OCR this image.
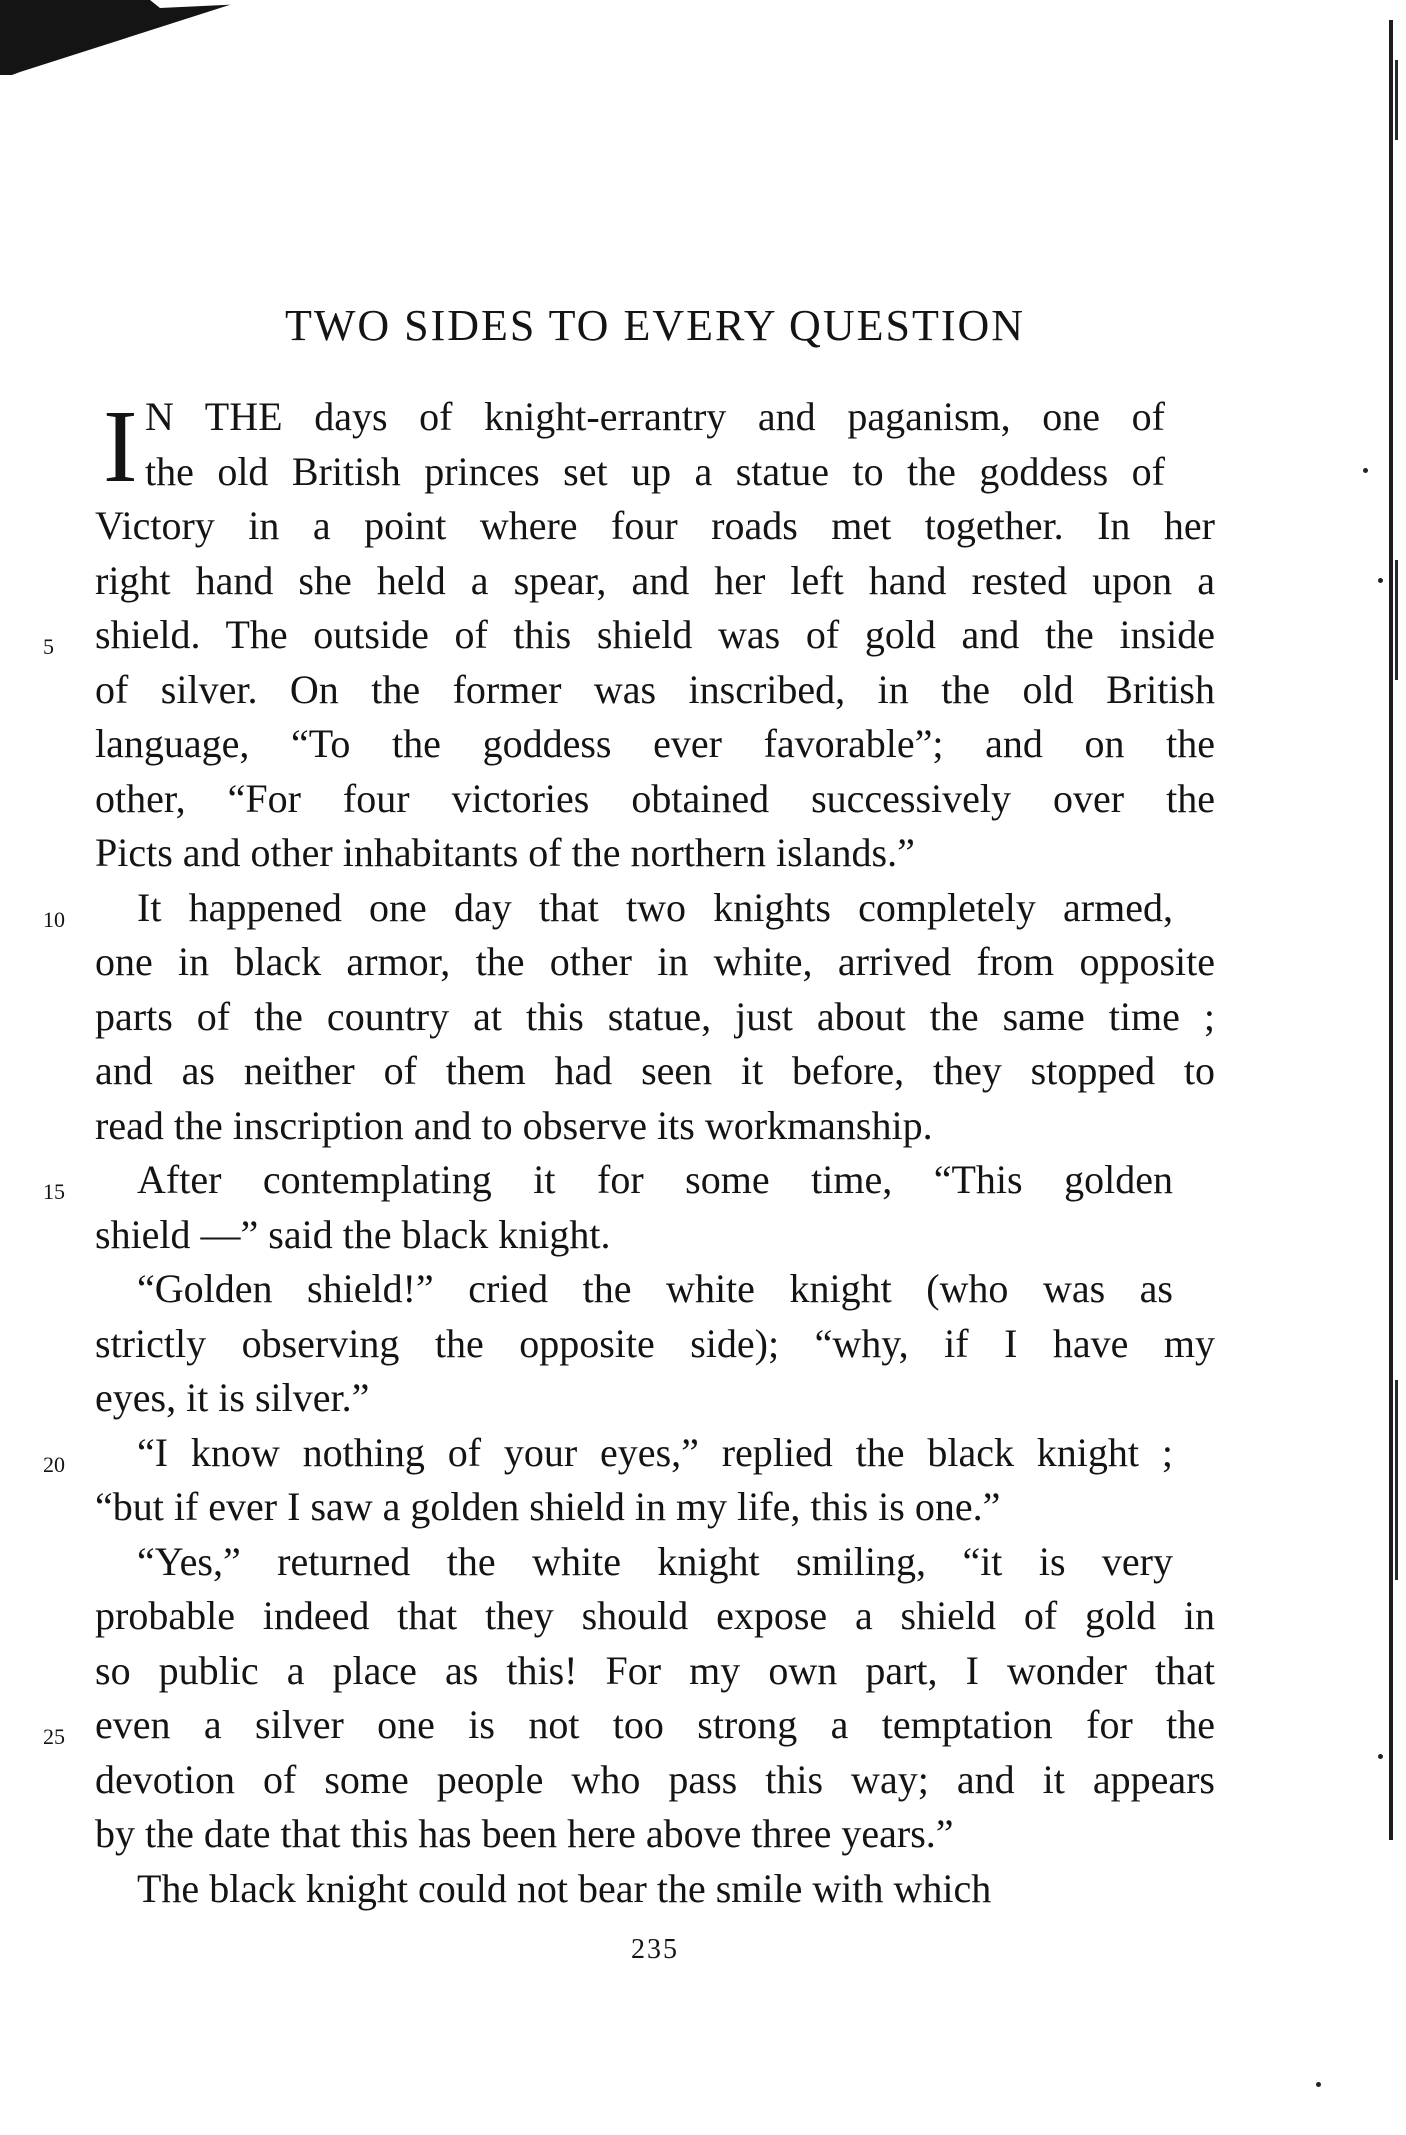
TWO SIDES TO EVERY QUESTION
I N THE days of knight-errantry and paganism, one of
the old British princes set up a statue to the goddess of
Victory in a point where four roads met together. In her
right hand she held a spear, and her left hand rested upon a
5	shield. The outside of this shield was of gold and the inside
of silver. On the former was inscribed, in the old British
language, “To the goddess ever favorable”; and on the
other, “For four victories obtained successively over the
Picts and other inhabitants of the northern islands.”
10	It happened one day that two knights completely armed,
one in black armor, the other in white, arrived from opposite
parts of the country at this statue, just about the same time ;
and as neither of them had seen it before, they stopped to
read the inscription and to observe its workmanship.
15	After contemplating it for some time, “This golden
shield —” said the black knight.
“Golden shield!” cried the white knight (who was as
strictly observing the opposite side); “why, if I have my
eyes, it is silver.”
20	“I know nothing of your eyes,” replied the black knight ;
“but if ever I saw a golden shield in my life, this is one.”
“Yes,” returned the white knight smiling, “it is very
probable indeed that they should expose a shield of gold in
so public a place as this! For my own part, I wonder that
25 even a silver one is not too strong a temptation for the
devotion of some people who pass this way; and it appears
by the date that this has been here above three years.”
The black knight could not bear the smile with which
235
